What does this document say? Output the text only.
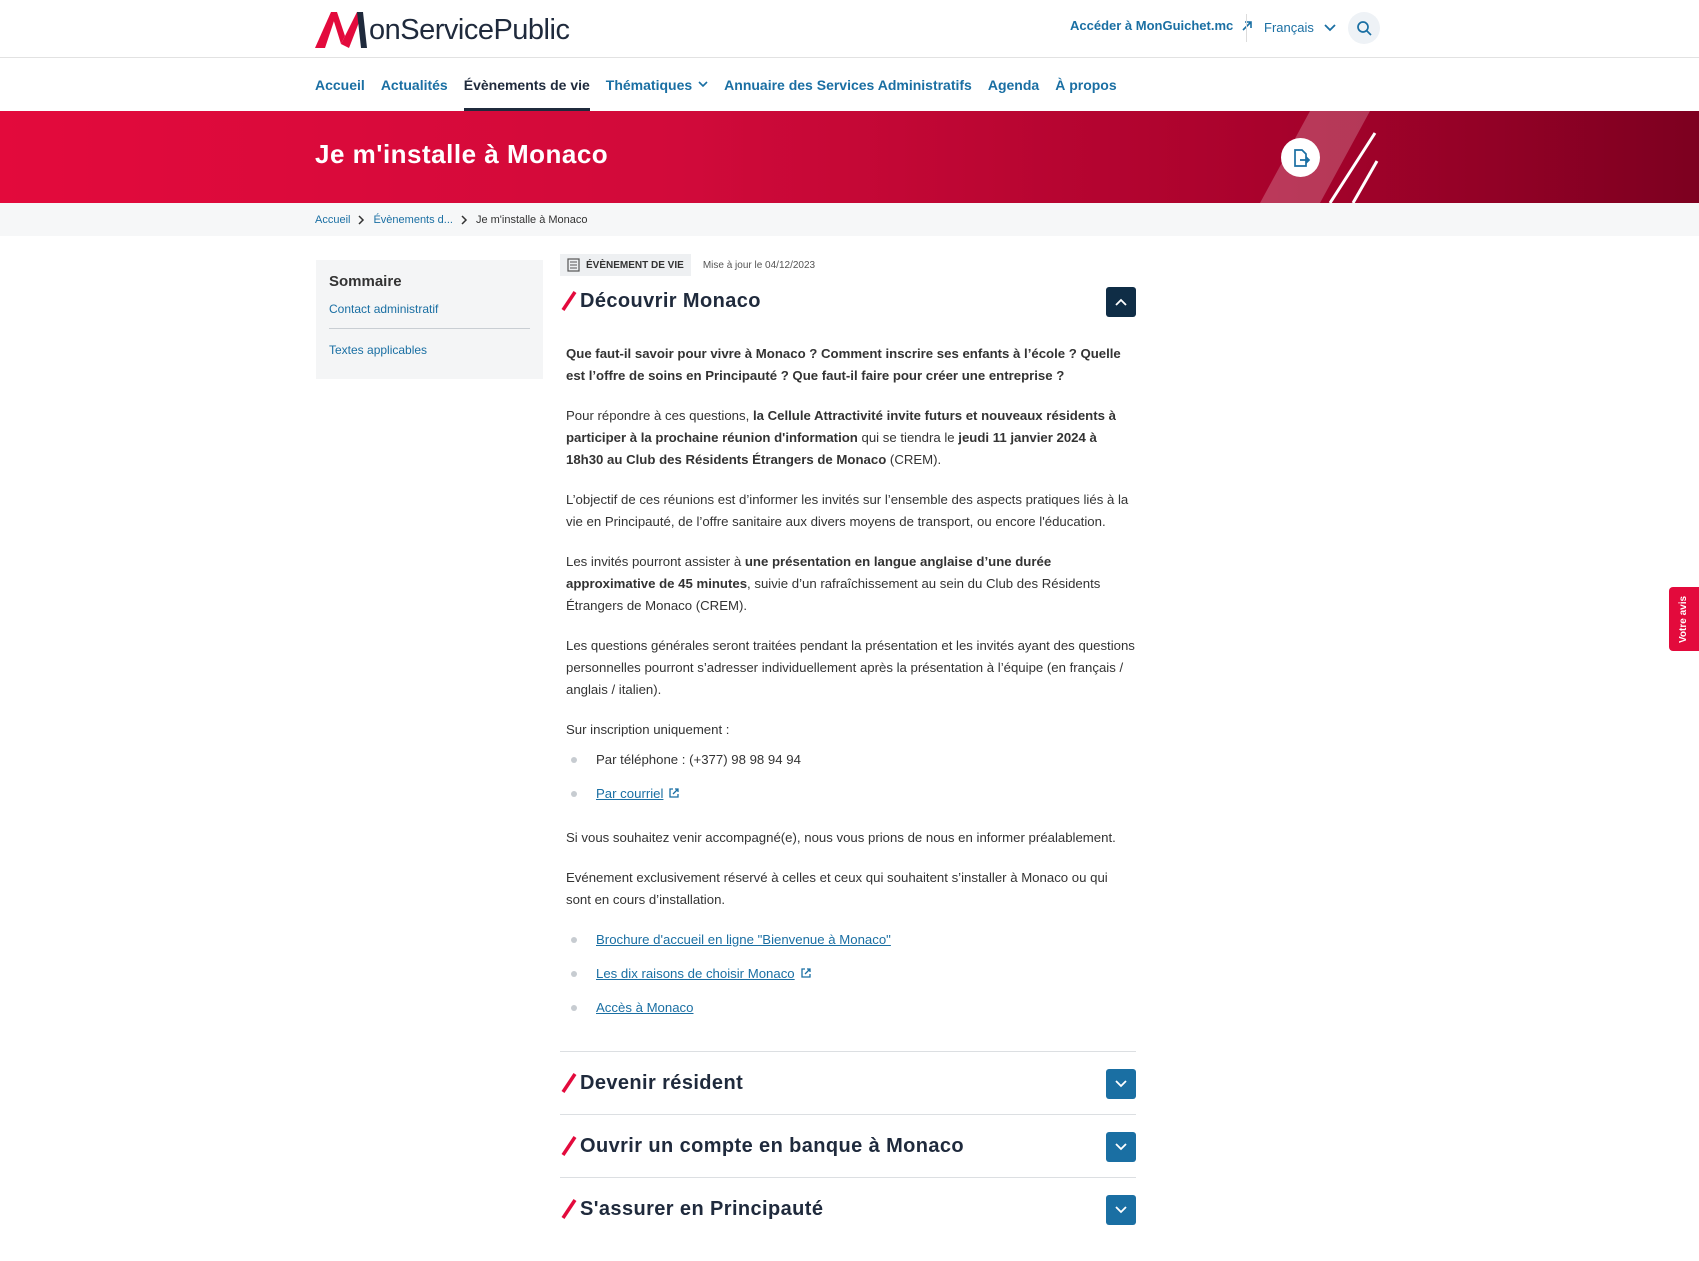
onServicePublic	Accéder à MonGuichet.mc Français
Accueil Actualités Évènements de vie Thématiques Annuaire des Services Administratifs Agenda À propos
Je m'installe à Monaco
Accueil Évènements d... Je m'installe à Monaco
Sommaire
Contact administratif
Textes applicables
ÉVÈNEMENT DE VIE Mise à jour le 04/12/2023
Découvrir Monaco

Que faut-il savoir pour vivre à Monaco ? Comment inscrire ses enfants à l’école ? Quelle est l’offre de soins en Principauté ? Que faut-il faire pour créer une entreprise ?

Pour répondre à ces questions, la Cellule Attractivité invite futurs et nouveaux résidents à participer à la prochaine réunion d'information qui se tiendra le jeudi 11 janvier 2024 à 18h30 au Club des Résidents Étrangers de Monaco (CREM).

L’objectif de ces réunions est d’informer les invités sur l’ensemble des aspects pratiques liés à la vie en Principauté, de l’offre sanitaire aux divers moyens de transport, ou encore l'éducation.

Les invités pourront assister à une présentation en langue anglaise d’une durée approximative de 45 minutes, suivie d’un rafraîchissement au sein du Club des Résidents Étrangers de Monaco (CREM).

Les questions générales seront traitées pendant la présentation et les invités ayant des questions personnelles pourront s’adresser individuellement après la présentation à l’équipe (en français / anglais / italien).

Sur inscription uniquement :

Par téléphone : (+377) 98 98 94 94
Par courriel

Si vous souhaitez venir accompagné(e), nous vous prions de nous en informer préalablement.

Evénement exclusivement réservé à celles et ceux qui souhaitent s’installer à Monaco ou qui sont en cours d’installation.

Brochure d'accueil en ligne "Bienvenue à Monaco"
Les dix raisons de choisir Monaco
Accès à Monaco
Devenir résident
Ouvrir un compte en banque à Monaco
S'assurer en Principauté
Votre avis
